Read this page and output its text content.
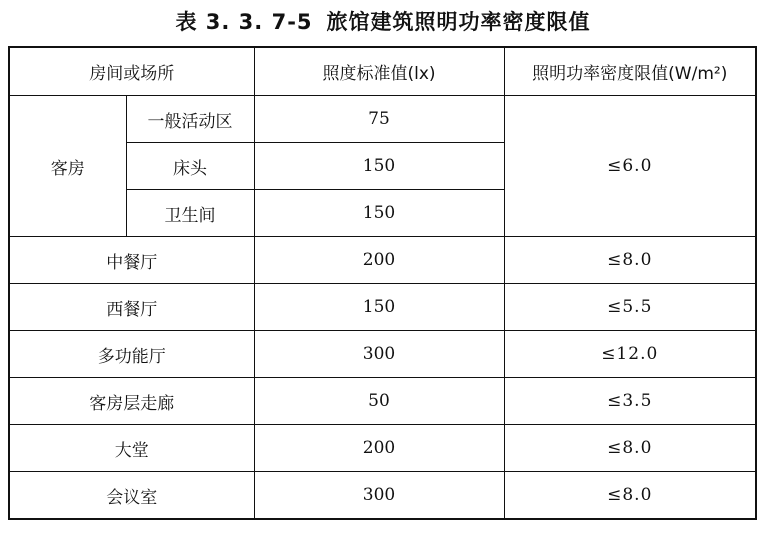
表 3. 3. 7-5 旅馆建筑照明功率密度限值
房间或场所		照度标准值(lx)	照明功率密度限值(W/m²)
客房	一般活动区	75	≤6.0
	床头	150	
	卫生间	150	
中餐厅		200	≤8.0
西餐厅		150	≤5.5
多功能厅		300	≤12.0
客房层走廊		50	≤3.5
大堂		200	≤8.0
会议室		300	≤8.0
